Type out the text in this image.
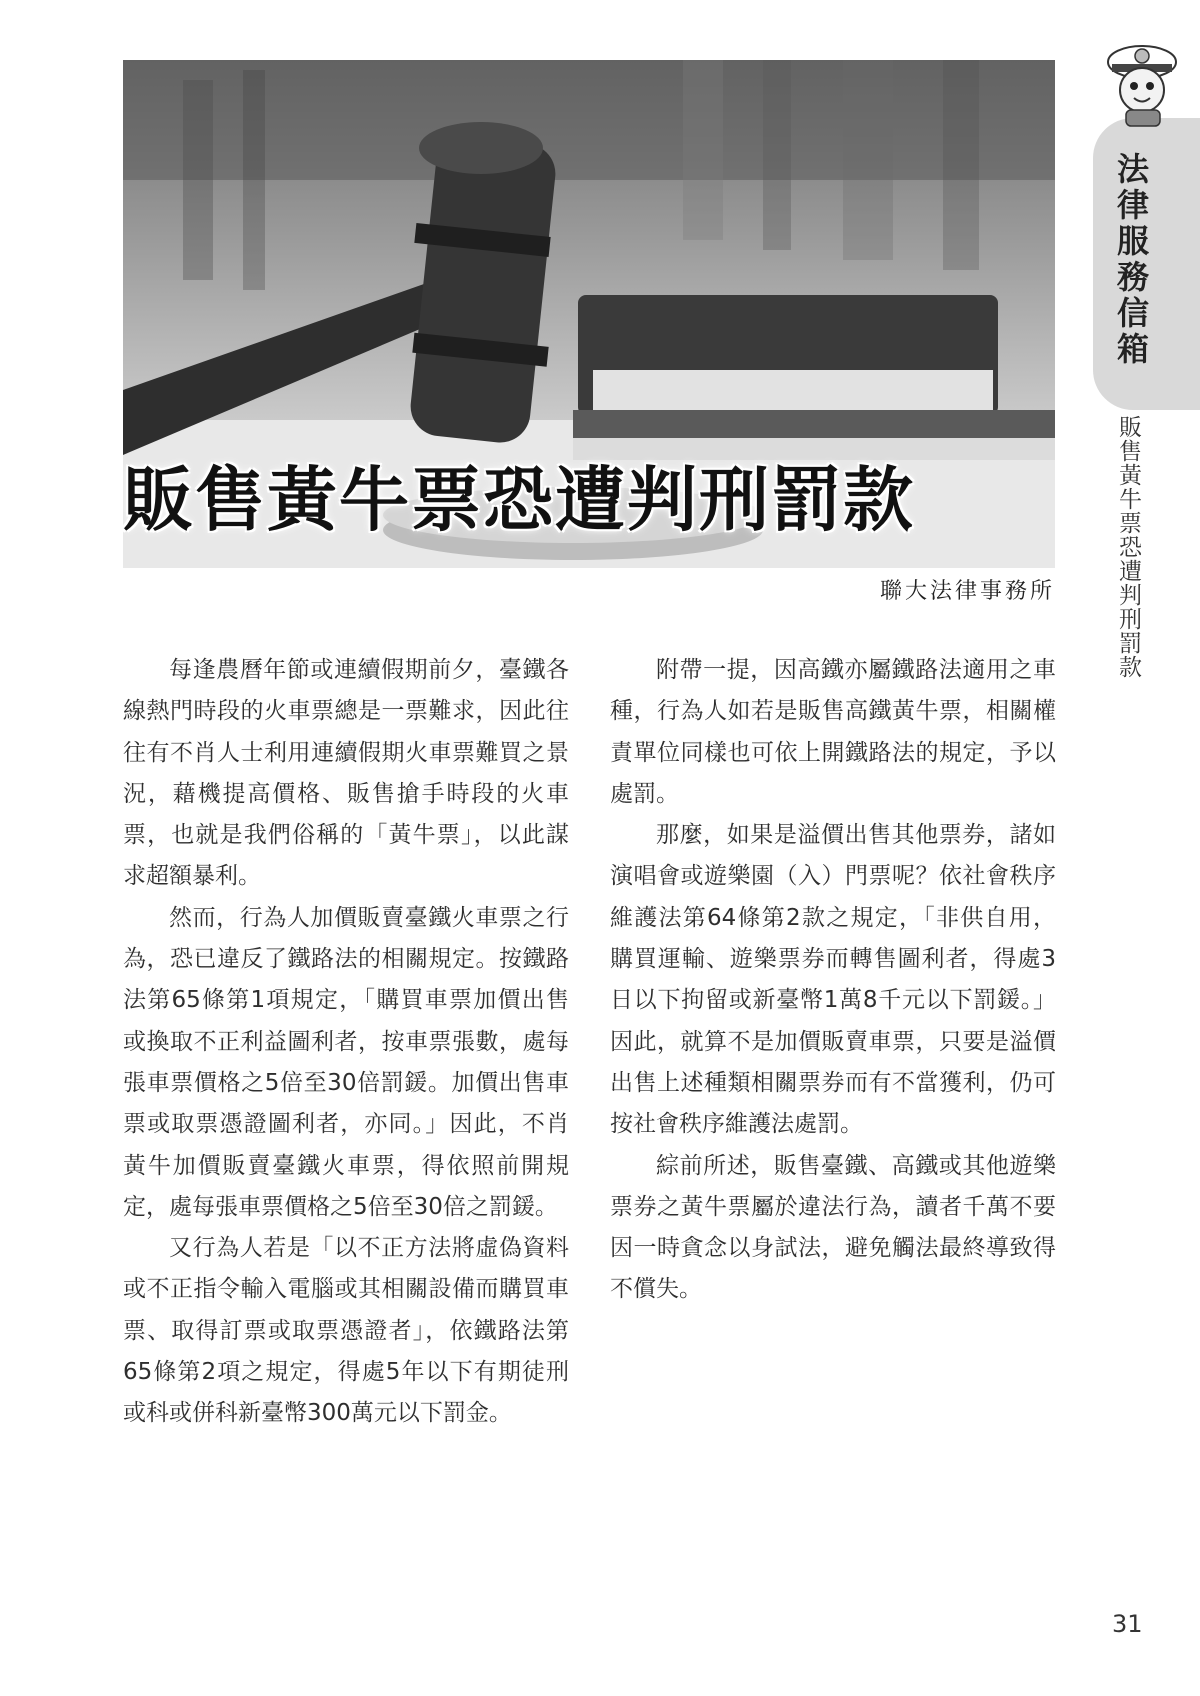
販售黃牛票恐遭判刑罰款
聯大法律事務所

每逢農曆年節或連續假期前夕，臺鐵各線熱門時段的火車票總是一票難求，因此往往有不肖人士利用連續假期火車票難買之景況，藉機提高價格、販售搶手時段的火車票，也就是我們俗稱的「黃牛票」，以此謀求超額暴利。

然而，行為人加價販賣臺鐵火車票之行為，恐已違反了鐵路法的相關規定。按鐵路法第65條第1項規定，「購買車票加價出售或換取不正利益圖利者，按車票張數，處每張車票價格之5倍至30倍罰鍰。加價出售車票或取票憑證圖利者，亦同。」因此，不肖黃牛加價販賣臺鐵火車票，得依照前開規定，處每張車票價格之5倍至30倍之罰鍰。

又行為人若是「以不正方法將虛偽資料或不正指令輸入電腦或其相關設備而購買車票、取得訂票或取票憑證者」，依鐵路法第65條第2項之規定，得處5年以下有期徒刑或科或併科新臺幣300萬元以下罰金。

附帶一提，因高鐵亦屬鐵路法適用之車種，行為人如若是販售高鐵黃牛票，相關權責單位同樣也可依上開鐵路法的規定，予以處罰。

那麼，如果是溢價出售其他票券，諸如演唱會或遊樂園（入）門票呢？依社會秩序維護法第64條第2款之規定，「非供自用，購買運輸、遊樂票券而轉售圖利者，得處3日以下拘留或新臺幣1萬8千元以下罰鍰。」因此，就算不是加價販賣車票，只要是溢價出售上述種類相關票券而有不當獲利，仍可按社會秩序維護法處罰。

綜前所述，販售臺鐵、高鐵或其他遊樂票券之黃牛票屬於違法行為，讀者千萬不要因一時貪念以身試法，避免觸法最終導致得不償失。

法律服務信箱
販售黃牛票恐遭判刑罰款
31
